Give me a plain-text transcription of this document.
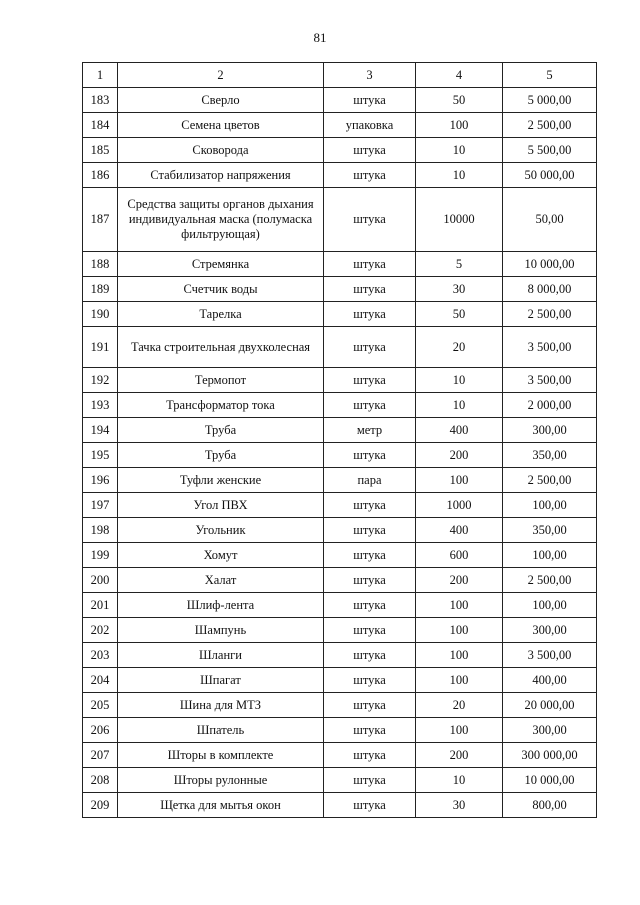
81
1	2	3	4	5
183	Сверло	штука	50	5 000,00
184	Семена цветов	упаковка	100	2 500,00
185	Сковорода	штука	10	5 500,00
186	Стабилизатор напряжения	штука	10	50 000,00
187	Средства защиты органов дыхания индивидуальная маска (полумаска фильтрующая)	штука	10000	50,00
188	Стремянка	штука	5	10 000,00
189	Счетчик воды	штука	30	8 000,00
190	Тарелка	штука	50	2 500,00
191	Тачка строительная двухколесная	штука	20	3 500,00
192	Термопот	штука	10	3 500,00
193	Трансформатор тока	штука	10	2 000,00
194	Труба	метр	400	300,00
195	Труба	штука	200	350,00
196	Туфли женские	пара	100	2 500,00
197	Угол ПВХ	штука	1000	100,00
198	Угольник	штука	400	350,00
199	Хомут	штука	600	100,00
200	Халат	штука	200	2 500,00
201	Шлиф-лента	штука	100	100,00
202	Шампунь	штука	100	300,00
203	Шланги	штука	100	3 500,00
204	Шпагат	штука	100	400,00
205	Шина для МТЗ	штука	20	20 000,00
206	Шпатель	штука	100	300,00
207	Шторы в комплекте	штука	200	300 000,00
208	Шторы рулонные	штука	10	10 000,00
209	Щетка для мытья окон	штука	30	800,00
